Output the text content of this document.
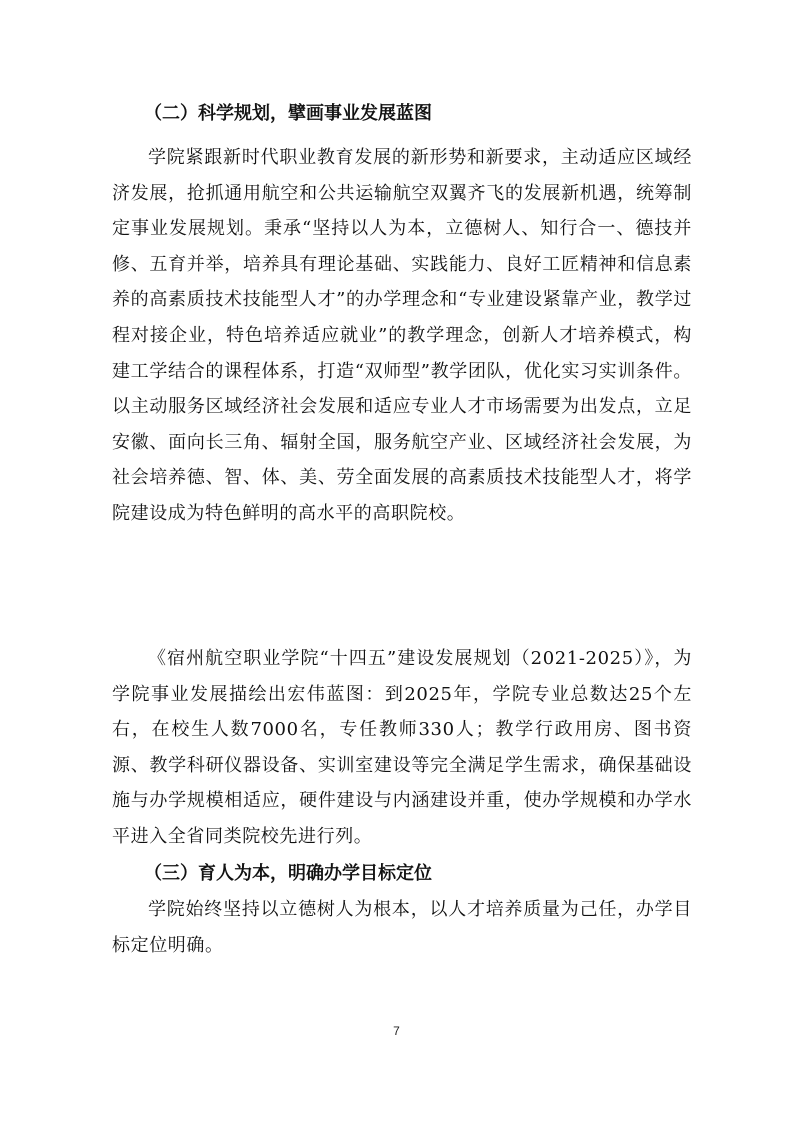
（二）科学规划，擘画事业发展蓝图

学院紧跟新时代职业教育发展的新形势和新要求，主动适应区域经济发展，抢抓通用航空和公共运输航空双翼齐飞的发展新机遇，统筹制定事业发展规划。秉承“坚持以人为本，立德树人、知行合一、德技并修、五育并举，培养具有理论基础、实践能力、良好工匠精神和信息素养的高素质技术技能型人才”的办学理念和“专业建设紧靠产业，教学过程对接企业，特色培养适应就业”的教学理念，创新人才培养模式，构建工学结合的课程体系，打造“双师型”教学团队，优化实习实训条件。以主动服务区域经济社会发展和适应专业人才市场需要为出发点，立足安徽、面向长三角、辐射全国，服务航空产业、区域经济社会发展，为社会培养德、智、体、美、劳全面发展的高素质技术技能型人才，将学院建设成为特色鲜明的高水平的高职院校。

《宿州航空职业学院“十四五”建设发展规划（2021-2025）》，为学院事业发展描绘出宏伟蓝图：到2025年，学院专业总数达25个左右，在校生人数7000名，专任教师330人；教学行政用房、图书资源、教学科研仪器设备、实训室建设等完全满足学生需求，确保基础设施与办学规模相适应，硬件建设与内涵建设并重，使办学规模和办学水平进入全省同类院校先进行列。

（三）育人为本，明确办学目标定位

学院始终坚持以立德树人为根本，以人才培养质量为己任，办学目标定位明确。

7
